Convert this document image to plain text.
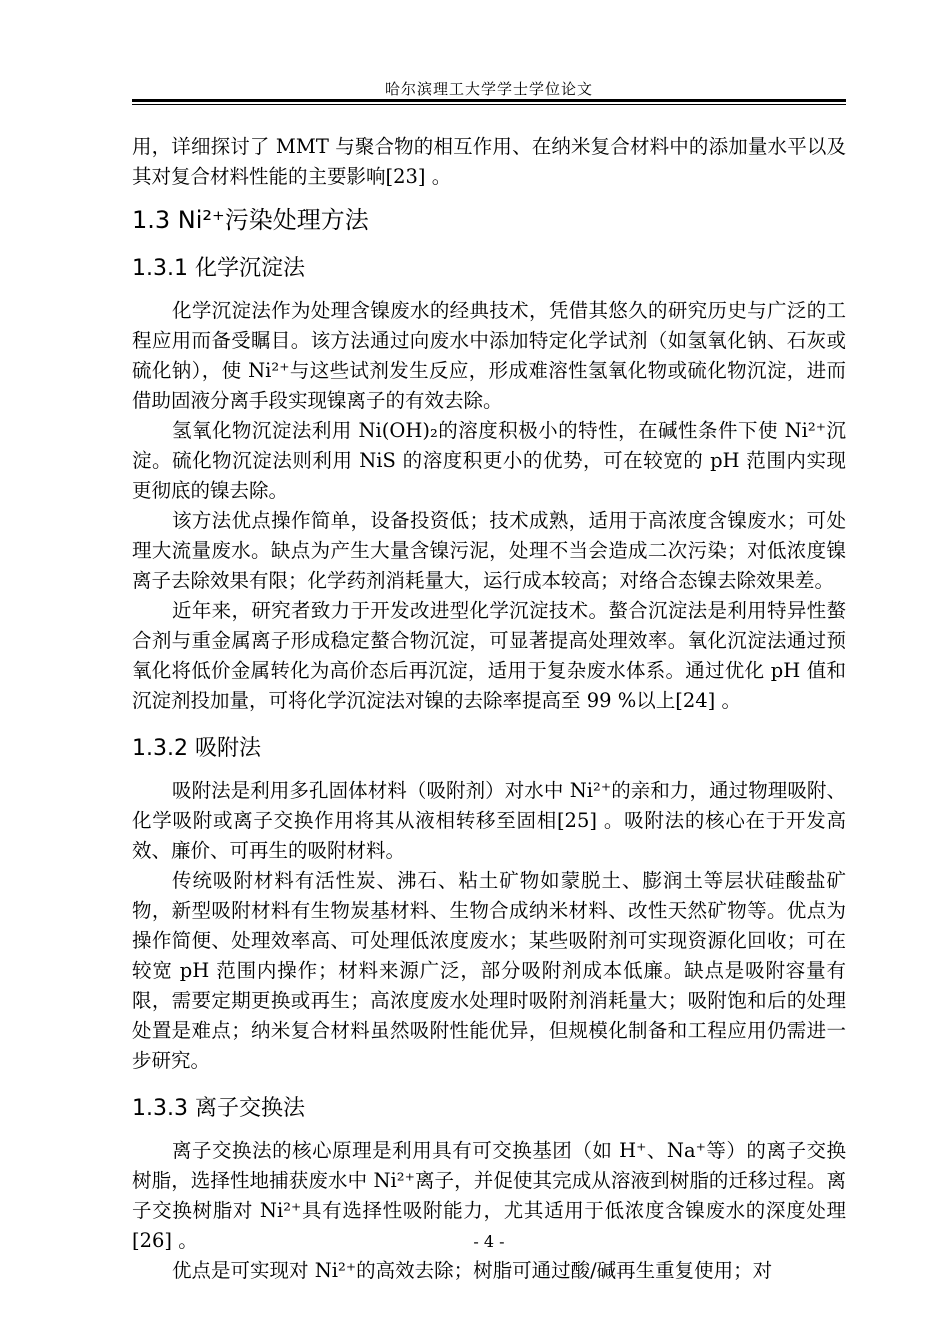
哈尔滨理工大学学士学位论文

用，详细探讨了 MMT 与聚合物的相互作用、在纳米复合材料中的添加量水平以及其对复合材料性能的主要影响[23] 。

1.3 Ni²⁺污染处理方法
1.3.1 化学沉淀法

化学沉淀法作为处理含镍废水的经典技术，凭借其悠久的研究历史与广泛的工程应用而备受瞩目。该方法通过向废水中添加特定化学试剂（如氢氧化钠、石灰或硫化钠），使 Ni²⁺与这些试剂发生反应，形成难溶性氢氧化物或硫化物沉淀，进而借助固液分离手段实现镍离子的有效去除。

氢氧化物沉淀法利用 Ni(OH)₂的溶度积极小的特性，在碱性条件下使 Ni²⁺沉淀。硫化物沉淀法则利用 NiS 的溶度积更小的优势，可在较宽的 pH 范围内实现更彻底的镍去除。

该方法优点操作简单，设备投资低；技术成熟，适用于高浓度含镍废水；可处理大流量废水。缺点为产生大量含镍污泥，处理不当会造成二次污染；对低浓度镍离子去除效果有限；化学药剂消耗量大，运行成本较高；对络合态镍去除效果差。

近年来，研究者致力于开发改进型化学沉淀技术。螯合沉淀法是利用特异性螯合剂与重金属离子形成稳定螯合物沉淀，可显著提高处理效率。氧化沉淀法通过预氧化将低价金属转化为高价态后再沉淀，适用于复杂废水体系。通过优化 pH 值和沉淀剂投加量，可将化学沉淀法对镍的去除率提高至 99 %以上[24] 。

1.3.2 吸附法

吸附法是利用多孔固体材料（吸附剂）对水中 Ni²⁺的亲和力，通过物理吸附、化学吸附或离子交换作用将其从液相转移至固相[25] 。吸附法的核心在于开发高效、廉价、可再生的吸附材料。

传统吸附材料有活性炭、沸石、粘土矿物如蒙脱土、膨润土等层状硅酸盐矿物，新型吸附材料有生物炭基材料、生物合成纳米材料、改性天然矿物等。优点为操作简便、处理效率高、可处理低浓度废水；某些吸附剂可实现资源化回收；可在较宽 pH 范围内操作；材料来源广泛，部分吸附剂成本低廉。缺点是吸附容量有限，需要定期更换或再生；高浓度废水处理时吸附剂消耗量大；吸附饱和后的处理处置是难点；纳米复合材料虽然吸附性能优异，但规模化制备和工程应用仍需进一步研究。

1.3.3 离子交换法

离子交换法的核心原理是利用具有可交换基团（如 H⁺、Na⁺等）的离子交换树脂，选择性地捕获废水中 Ni²⁺离子，并促使其完成从溶液到树脂的迁移过程。离子交换树脂对 Ni²⁺具有选择性吸附能力，尤其适用于低浓度含镍废水的深度处理[26] 。

优点是可实现对 Ni²⁺的高效去除；树脂可通过酸/碱再生重复使用；对

- 4 -
